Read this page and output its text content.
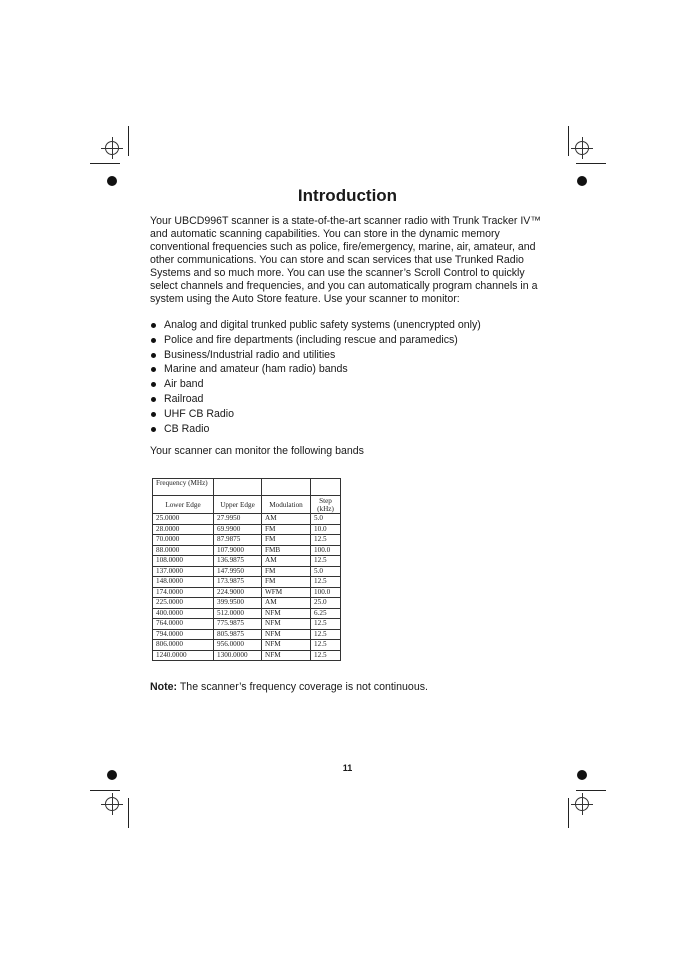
Introduction

Your UBCD996T scanner is a state-of-the-art scanner radio with Trunk Tracker IV™ and automatic scanning capabilities. You can store in the dynamic memory conventional frequencies such as police, fire/emergency, marine, air, amateur, and other communications. You can store and scan services that use Trunked Radio Systems and so much more. You can use the scanner’s Scroll Control to quickly select channels and frequencies, and you can automatically program channels in a system using the Auto Store feature. Use your scanner to monitor:

Analog and digital trunked public safety systems (unencrypted only)
Police and fire departments (including rescue and paramedics)
Business/Industrial radio and utilities
Marine and amateur (ham radio) bands
Air band
Railroad
UHF CB Radio
CB Radio

Your scanner can monitor the following bands

Frequency (MHz)			
Lower Edge	Upper Edge	Modulation	Step (kHz)
25.0000	27.9950	AM	5.0
28.0000	69.9900	FM	10.0
70.0000	87.9875	FM	12.5
88.0000	107.9000	FMB	100.0
108.0000	136.9875	AM	12.5
137.0000	147.9950	FM	5.0
148.0000	173.9875	FM	12.5
174.0000	224.9000	WFM	100.0
225.0000	399.9500	AM	25.0
400.0000	512.0000	NFM	6.25
764.0000	775.9875	NFM	12.5
794.0000	805.9875	NFM	12.5
806.0000	956.0000	NFM	12.5
1240.0000	1300.0000	NFM	12.5

Note: The scanner’s frequency coverage is not continuous.

11
